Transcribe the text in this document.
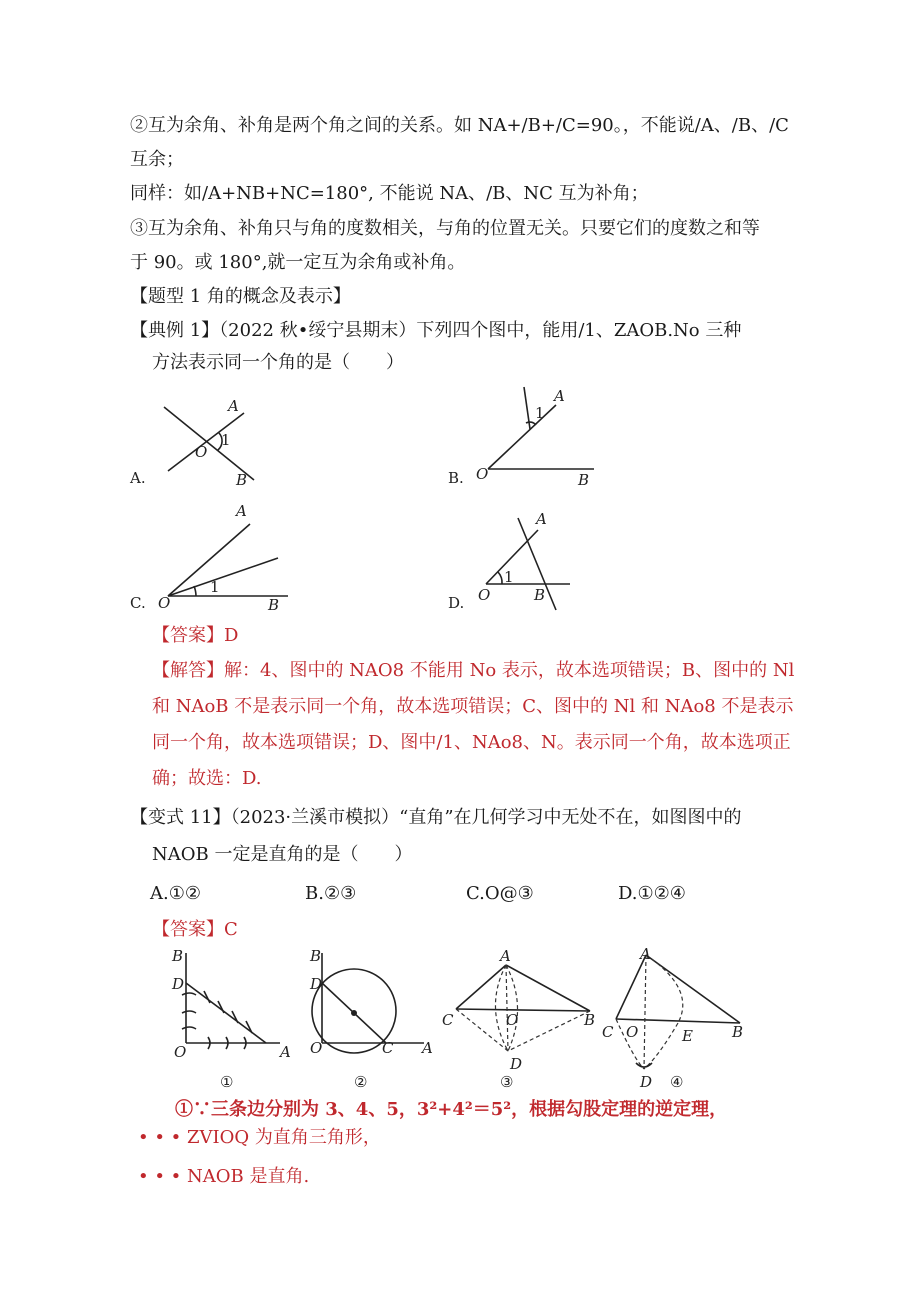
②互为余角、补角是两个角之间的关系。如 NA+/B+/C=90。，不能说/A、/B、/C
互余；
同样：如/A+NB+NC=180°, 不能说 NA、/B、NC 互为补角；
③互为余角、补角只与角的度数相关，与角的位置无关。只要它们的度数之和等
于 90。或 180°,就一定互为余角或补角。
【题型 1 角的概念及表示】
【典例 1】（2022 秋•绥宁县期末）下列四个图中，能用/1、ZAOB.No 三种
方法表示同一个角的是（　　）
A
1
O
B
A.
A
1
O	B
B.
A
1
O	B
C.
A
1
O	B
D.
【答案】D
【解答】解：4、图中的 NAO8 不能用 No 表示，故本选项错误；B、图中的 Nl
和 NAoB 不是表示同一个角，故本选项错误；C、图中的 Nl 和 NAo8 不是表示
同一个角，故本选项错误；D、图中/1、NAo8、N。表示同一个角，故本选项正
确；故选：D.
【变式 11】（2023·兰溪市模拟）“直角”在几何学习中无处不在，如图图中的
NAOB 一定是直角的是（　　）
A.①②	B.②③	C.O@③	D.①②④
【答案】C
B
D
O	A
①
B
D
O	C A
②
A
C	O	B
D
③
A
C O	E	B
D ④
①∵三条边分别为 3、4、5，3²+4²＝5²，根据勾股定理的逆定理，
• • • ZVIOQ 为直角三角形，
• • • NAOB 是直角.
